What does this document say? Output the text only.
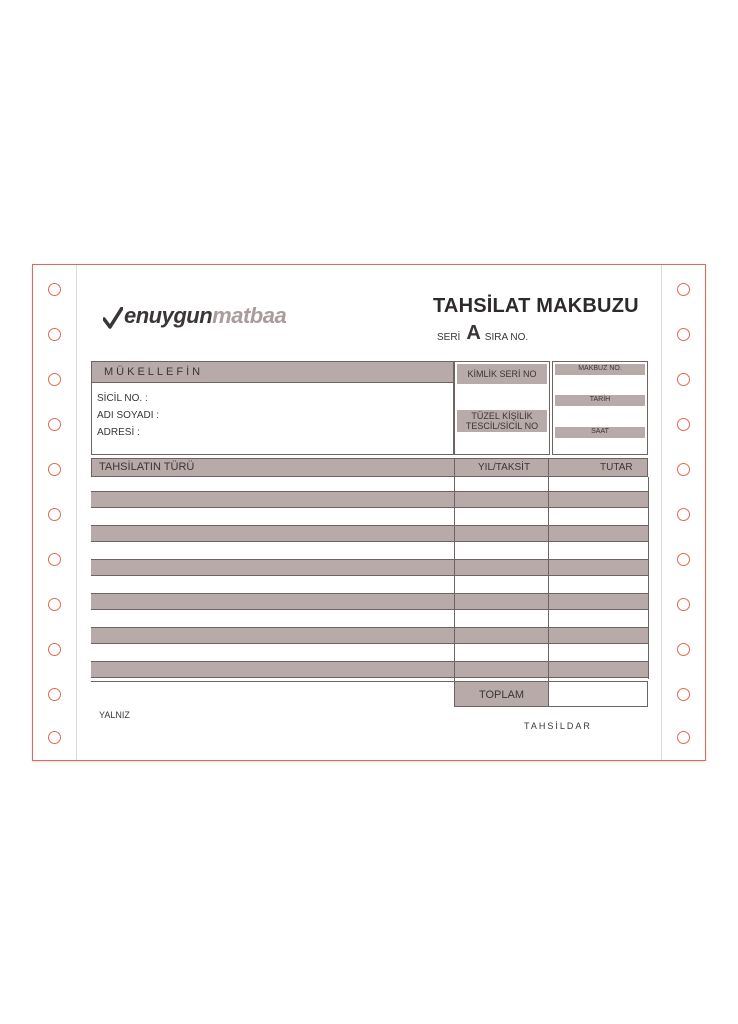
enuygunmatbaa	TAHSİLAT MAKBUZU
SERİ A SIRA NO.
MÜKELLEFİN
SİCİL NO. :
ADI SOYADI :
ADRESİ :
KİMLİK SERİ NO
TÜZEL KİŞİLİK
TESCİL/SİCİL NO
MAKBUZ NO.
TARİH
SAAT
TAHSİLATIN TÜRÜ	YIL/TAKSİT	TUTAR
TOPLAM
YALNIZ
TAHSİLDAR
